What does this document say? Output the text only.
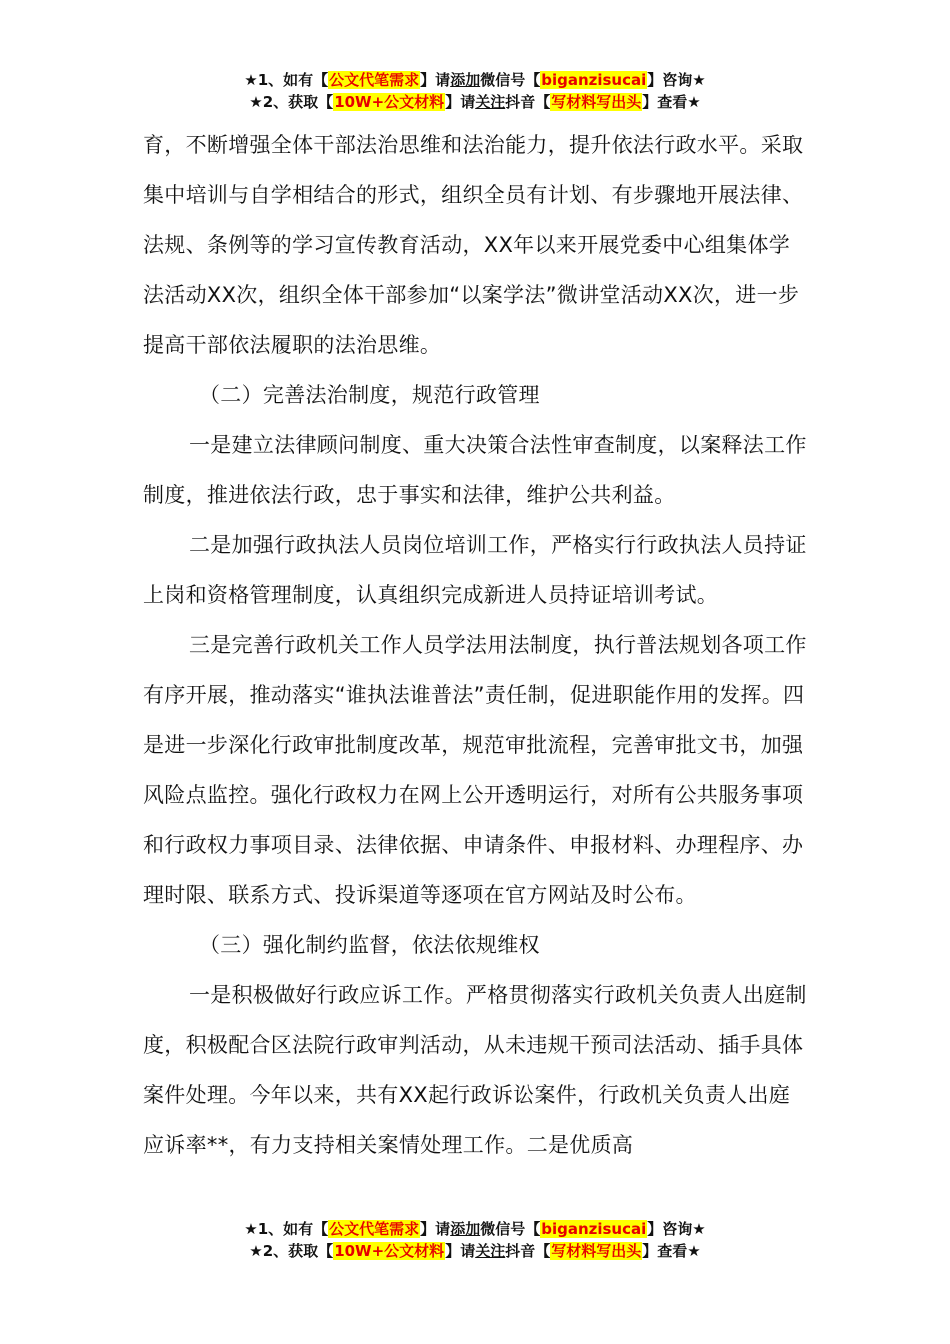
★1、如有【公文代笔需求】请添加微信号【biganzisucai】咨询★
★2、获取【10W+公文材料】请关注抖音【写材料写出头】查看★

育，不断增强全体干部法治思维和法治能力，提升依法行政水平。采取集中培训与自学相结合的形式，组织全员有计划、有步骤地开展法律、法规、条例等的学习宣传教育活动，XX年以来开展党委中心组集体学法活动XX次，组织全体干部参加“以案学法”微讲堂活动XX次，进一步提高干部依法履职的法治思维。

（二）完善法治制度，规范行政管理

一是建立法律顾问制度、重大决策合法性审查制度，以案释法工作制度，推进依法行政，忠于事实和法律，维护公共利益。

二是加强行政执法人员岗位培训工作，严格实行行政执法人员持证上岗和资格管理制度，认真组织完成新进人员持证培训考试。

三是完善行政机关工作人员学法用法制度，执行普法规划各项工作有序开展，推动落实“谁执法谁普法”责任制，促进职能作用的发挥。四是进一步深化行政审批制度改革，规范审批流程，完善审批文书，加强风险点监控。强化行政权力在网上公开透明运行，对所有公共服务事项和行政权力事项目录、法律依据、申请条件、申报材料、办理程序、办理时限、联系方式、投诉渠道等逐项在官方网站及时公布。

（三）强化制约监督，依法依规维权

一是积极做好行政应诉工作。严格贯彻落实行政机关负责人出庭制度，积极配合区法院行政审判活动，从未违规干预司法活动、插手具体案件处理。今年以来，共有XX起行政诉讼案件，行政机关负责人出庭应诉率**，有力支持相关案情处理工作。二是优质高

★1、如有【公文代笔需求】请添加微信号【biganzisucai】咨询★
★2、获取【10W+公文材料】请关注抖音【写材料写出头】查看★
